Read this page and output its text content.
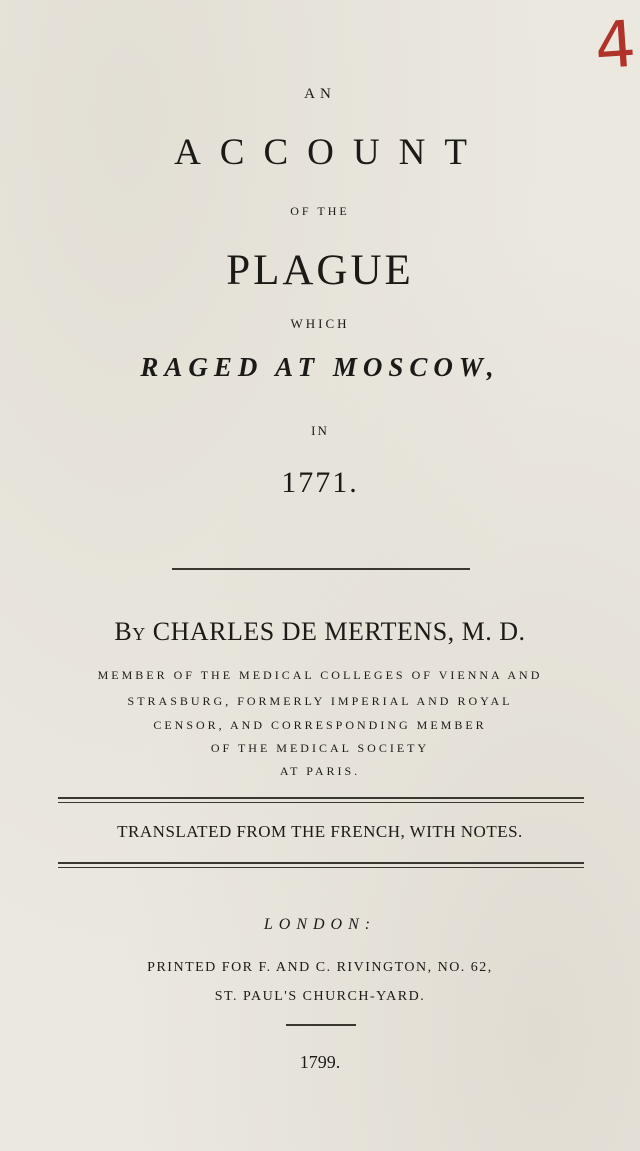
4
AN
ACCOUNT
OF THE
PLAGUE
WHICH
RAGED AT MOSCOW,
IN
1771.
By CHARLES DE MERTENS, M. D.
MEMBER OF THE MEDICAL COLLEGES OF VIENNA AND
STRASBURG, FORMERLY IMPERIAL AND ROYAL
CENSOR, AND CORRESPONDING MEMBER
OF THE MEDICAL SOCIETY
AT PARIS.
TRANSLATED FROM THE FRENCH, WITH NOTES.
LONDON:
PRINTED FOR F. AND C. RIVINGTON, NO. 62,
ST. PAUL'S CHURCH-YARD.
1799.
